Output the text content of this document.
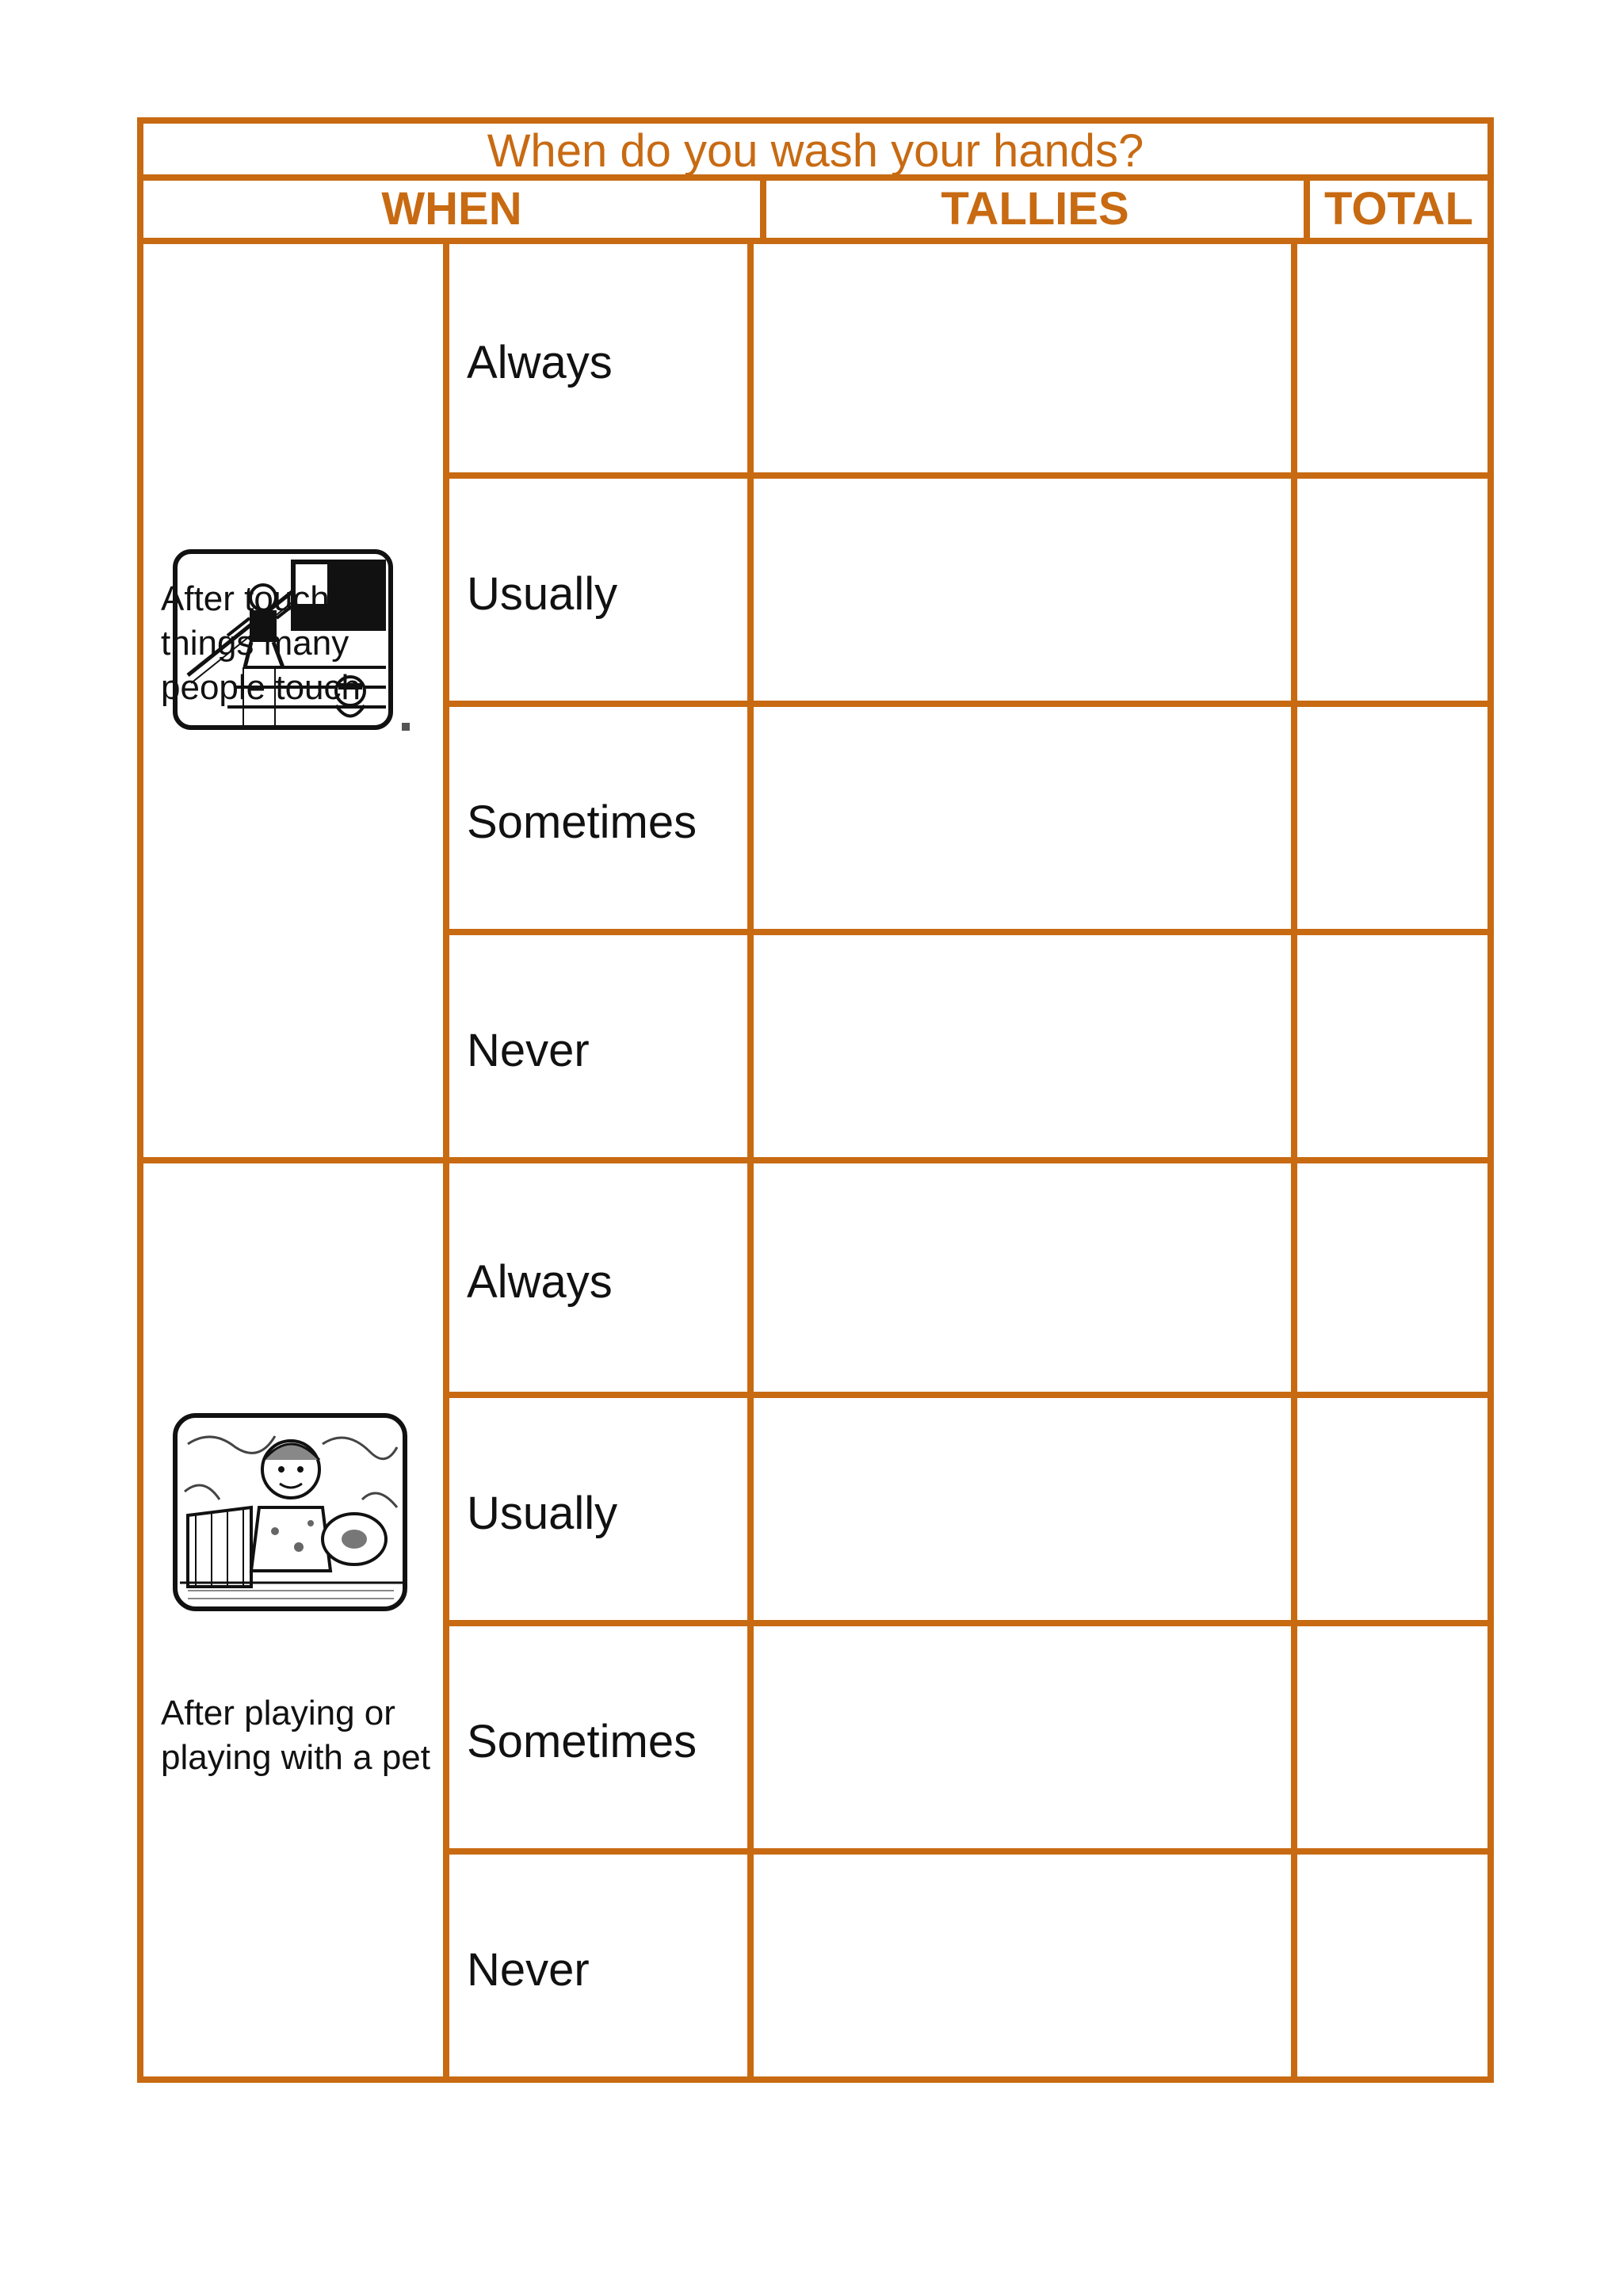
When do you wash your hands?
WHEN	TALLIES	TOTAL
After touching things many people touch
Always
Usually
Sometimes
Never
After playing or playing with a pet
Always
Usually
Sometimes
Never
